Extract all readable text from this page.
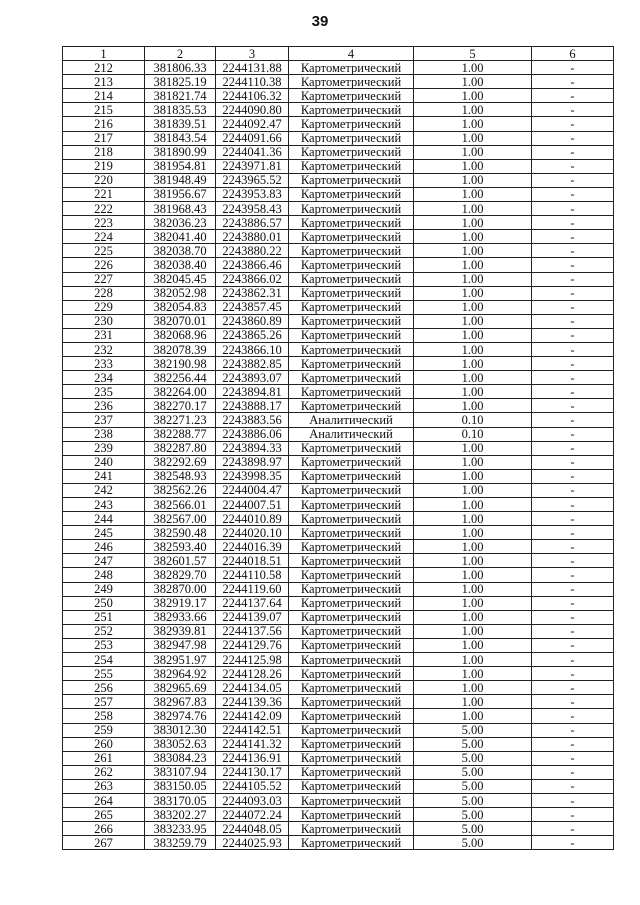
39
1	2	3	4	5	6
212	381806.33	2244131.88	Картометрический	1.00	-
213	381825.19	2244110.38	Картометрический	1.00	-
214	381821.74	2244106.32	Картометрический	1.00	-
215	381835.53	2244090.80	Картометрический	1.00	-
216	381839.51	2244092.47	Картометрический	1.00	-
217	381843.54	2244091.66	Картометрический	1.00	-
218	381890.99	2244041.36	Картометрический	1.00	-
219	381954.81	2243971.81	Картометрический	1.00	-
220	381948.49	2243965.52	Картометрический	1.00	-
221	381956.67	2243953.83	Картометрический	1.00	-
222	381968.43	2243958.43	Картометрический	1.00	-
223	382036.23	2243886.57	Картометрический	1.00	-
224	382041.40	2243880.01	Картометрический	1.00	-
225	382038.70	2243880.22	Картометрический	1.00	-
226	382038.40	2243866.46	Картометрический	1.00	-
227	382045.45	2243866.02	Картометрический	1.00	-
228	382052.98	2243862.31	Картометрический	1.00	-
229	382054.83	2243857.45	Картометрический	1.00	-
230	382070.01	2243860.89	Картометрический	1.00	-
231	382068.96	2243865.26	Картометрический	1.00	-
232	382078.39	2243866.10	Картометрический	1.00	-
233	382190.98	2243882.85	Картометрический	1.00	-
234	382256.44	2243893.07	Картометрический	1.00	-
235	382264.00	2243894.81	Картометрический	1.00	-
236	382270.17	2243888.17	Картометрический	1.00	-
237	382271.23	2243883.56	Аналитический	0.10	-
238	382288.77	2243886.06	Аналитический	0.10	-
239	382287.80	2243894.33	Картометрический	1.00	-
240	382292.69	2243898.97	Картометрический	1.00	-
241	382548.93	2243998.35	Картометрический	1.00	-
242	382562.26	2244004.47	Картометрический	1.00	-
243	382566.01	2244007.51	Картометрический	1.00	-
244	382567.00	2244010.89	Картометрический	1.00	-
245	382590.48	2244020.10	Картометрический	1.00	-
246	382593.40	2244016.39	Картометрический	1.00	-
247	382601.57	2244018.51	Картометрический	1.00	-
248	382829.70	2244110.58	Картометрический	1.00	-
249	382870.00	2244119.60	Картометрический	1.00	-
250	382919.17	2244137.64	Картометрический	1.00	-
251	382933.66	2244139.07	Картометрический	1.00	-
252	382939.81	2244137.56	Картометрический	1.00	-
253	382947.98	2244129.76	Картометрический	1.00	-
254	382951.97	2244125.98	Картометрический	1.00	-
255	382964.92	2244128.26	Картометрический	1.00	-
256	382965.69	2244134.05	Картометрический	1.00	-
257	382967.83	2244139.36	Картометрический	1.00	-
258	382974.76	2244142.09	Картометрический	1.00	-
259	383012.30	2244142.51	Картометрический	5.00	-
260	383052.63	2244141.32	Картометрический	5.00	-
261	383084.23	2244136.91	Картометрический	5.00	-
262	383107.94	2244130.17	Картометрический	5.00	-
263	383150.05	2244105.52	Картометрический	5.00	-
264	383170.05	2244093.03	Картометрический	5.00	-
265	383202.27	2244072.24	Картометрический	5.00	-
266	383233.95	2244048.05	Картометрический	5.00	-
267	383259.79	2244025.93	Картометрический	5.00	-
